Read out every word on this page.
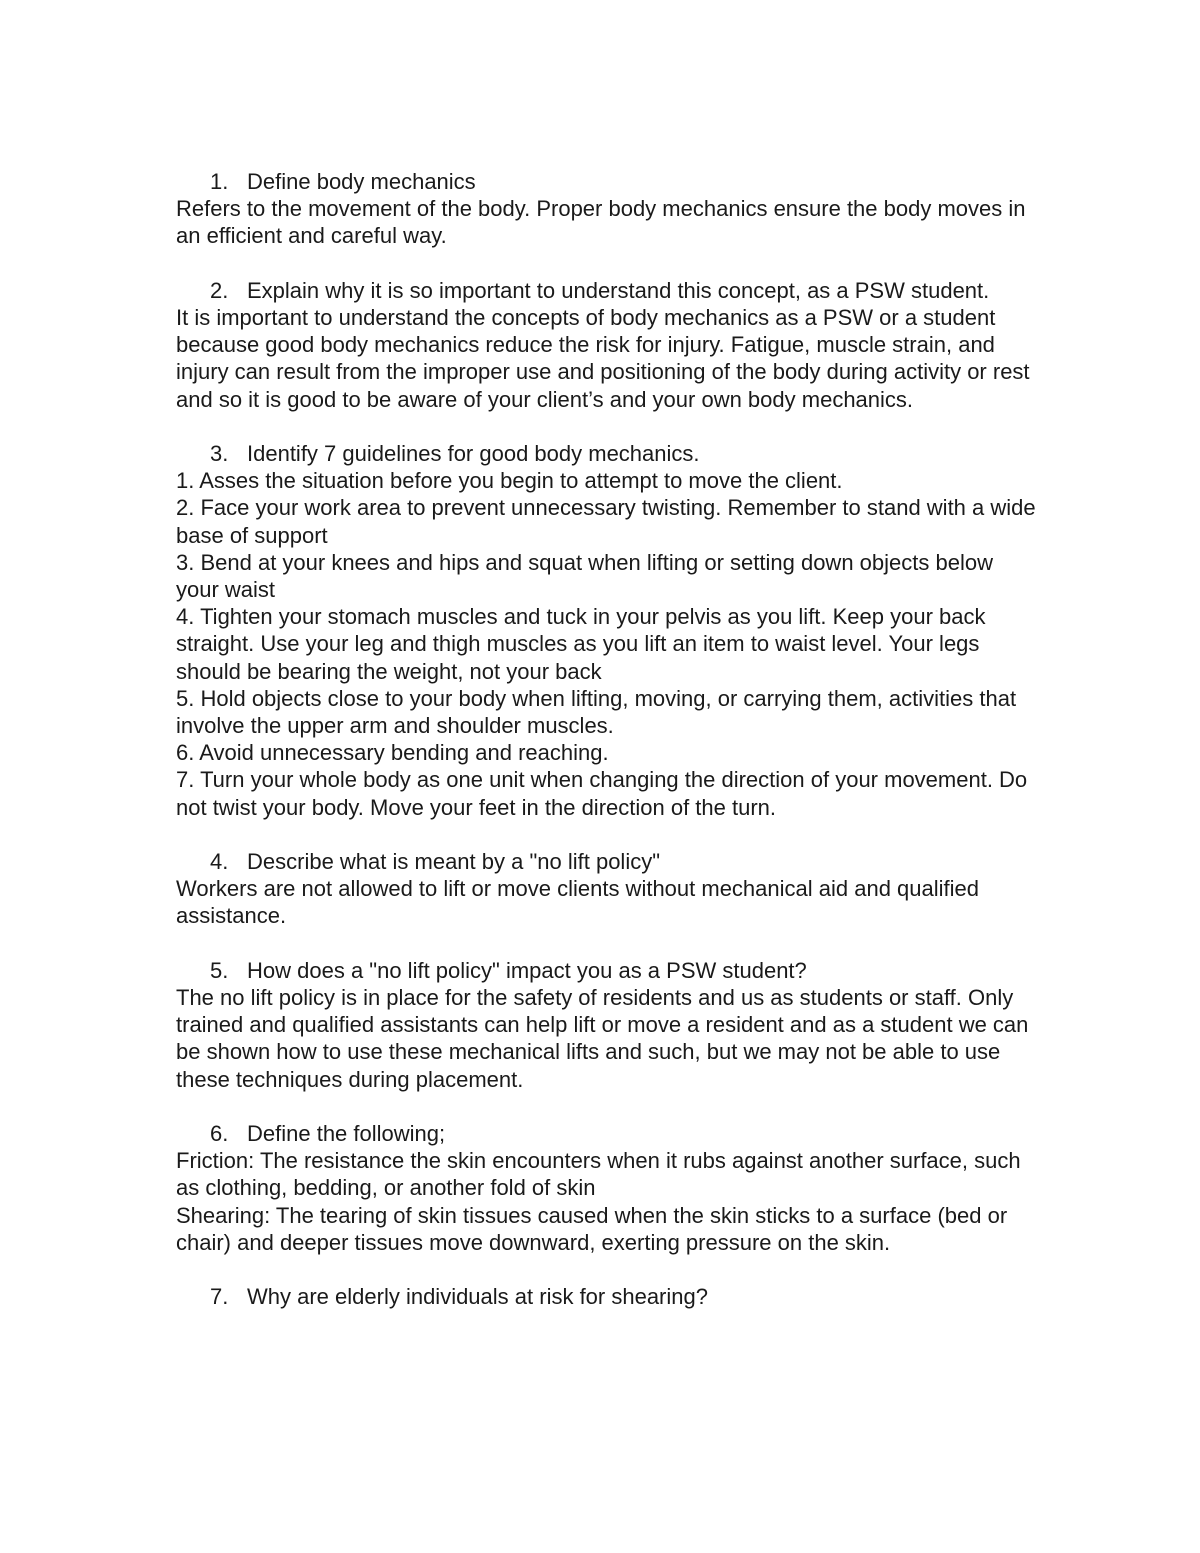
1. Define body mechanics

Refers to the movement of the body. Proper body mechanics ensure the body moves in an efficient and careful way.

2. Explain why it is so important to understand this concept, as a PSW student.

It is important to understand the concepts of body mechanics as a PSW or a student because good body mechanics reduce the risk for injury. Fatigue, muscle strain, and injury can result from the improper use and positioning of the body during activity or rest and so it is good to be aware of your client’s and your own body mechanics.

3. Identify 7 guidelines for good body mechanics.

1. Asses the situation before you begin to attempt to move the client.

2. Face your work area to prevent unnecessary twisting. Remember to stand with a wide base of support

3. Bend at your knees and hips and squat when lifting or setting down objects below your waist

4. Tighten your stomach muscles and tuck in your pelvis as you lift. Keep your back straight. Use your leg and thigh muscles as you lift an item to waist level. Your legs should be bearing the weight, not your back

5. Hold objects close to your body when lifting, moving, or carrying them, activities that involve the upper arm and shoulder muscles.

6. Avoid unnecessary bending and reaching.

7. Turn your whole body as one unit when changing the direction of your movement. Do not twist your body. Move your feet in the direction of the turn.

4. Describe what is meant by a "no lift policy"

Workers are not allowed to lift or move clients without mechanical aid and qualified assistance.

5. How does a "no lift policy" impact you as a PSW student?

The no lift policy is in place for the safety of residents and us as students or staff. Only trained and qualified assistants can help lift or move a resident and as a student we can be shown how to use these mechanical lifts and such, but we may not be able to use these techniques during placement.

6. Define the following;

Friction: The resistance the skin encounters when it rubs against another surface, such as clothing, bedding, or another fold of skin

Shearing: The tearing of skin tissues caused when the skin sticks to a surface (bed or chair) and deeper tissues move downward, exerting pressure on the skin.

7. Why are elderly individuals at risk for shearing?
